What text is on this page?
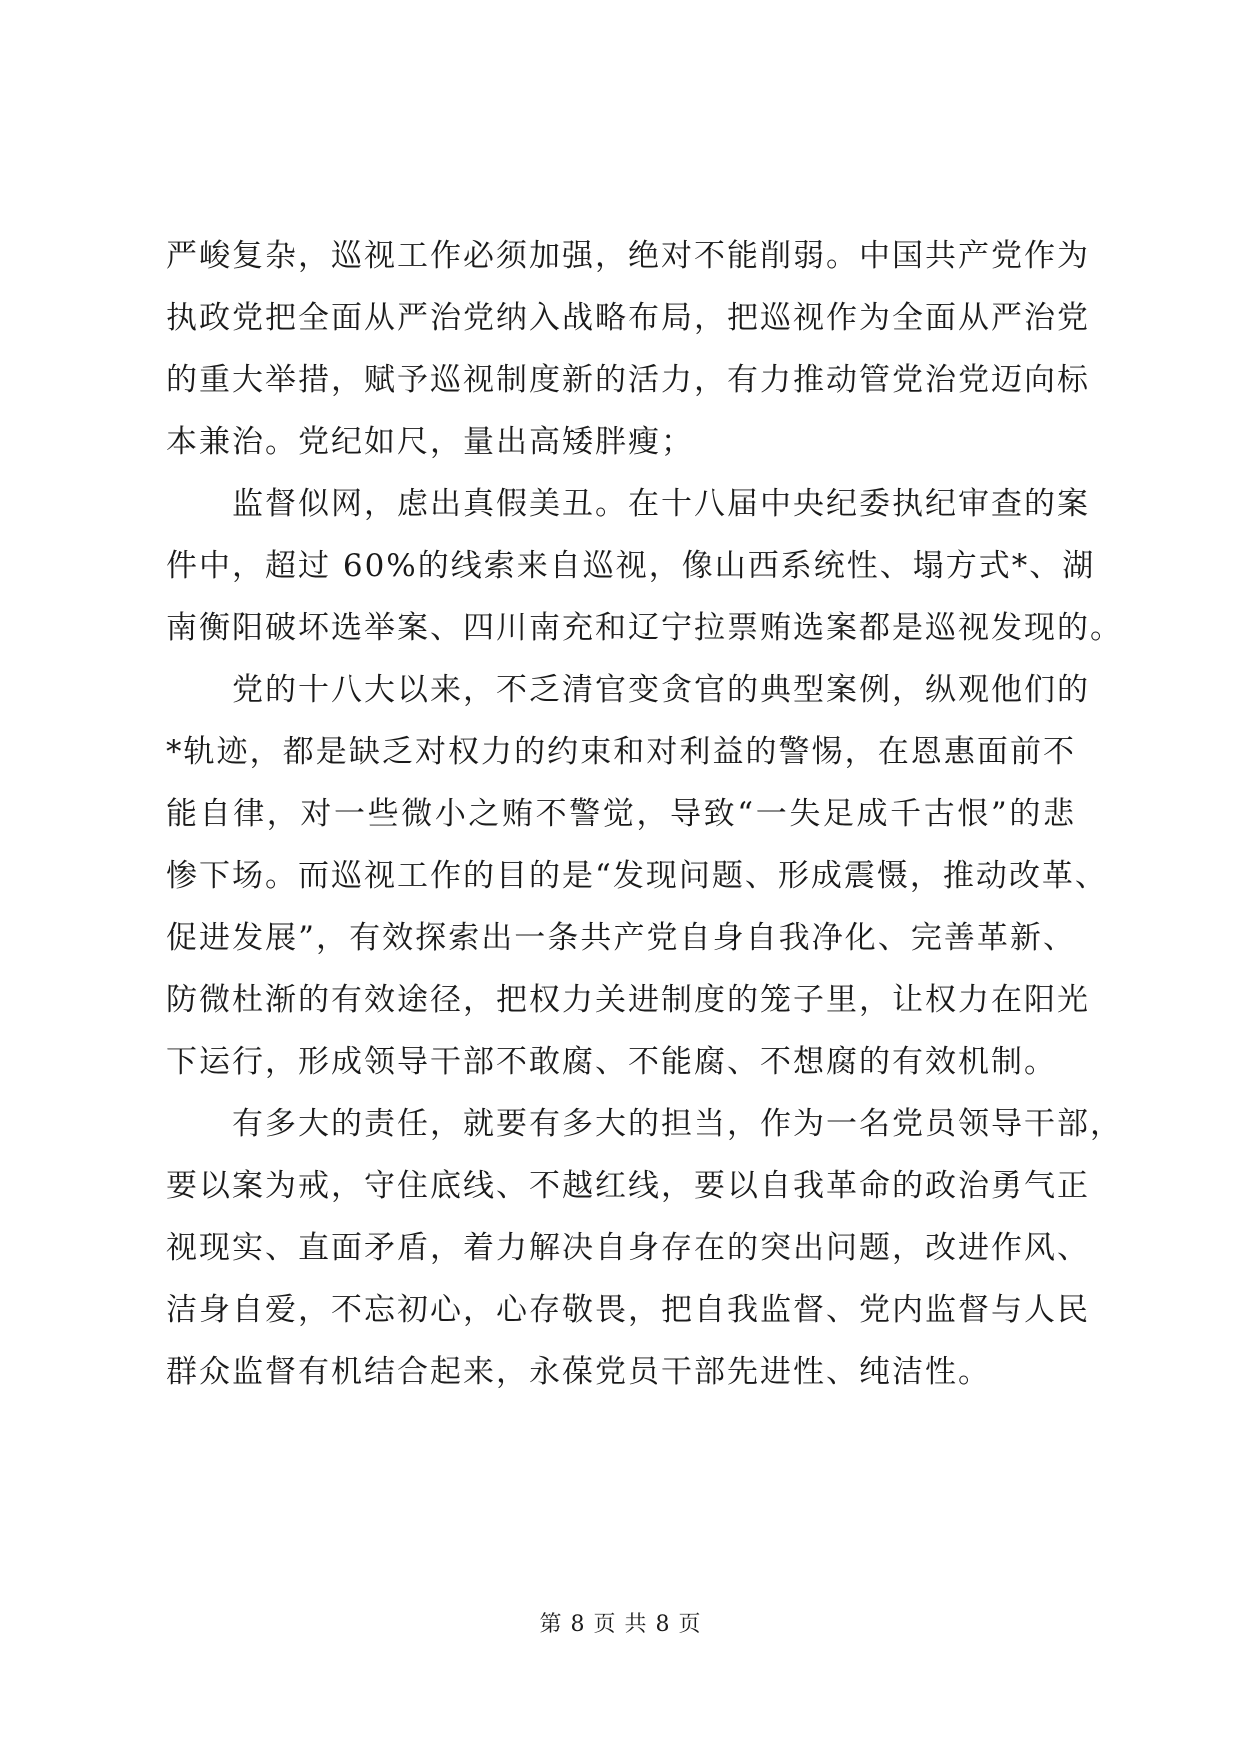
严峻复杂，巡视工作必须加强，绝对不能削弱。中国共产党作为
执政党把全面从严治党纳入战略布局，把巡视作为全面从严治党
的重大举措，赋予巡视制度新的活力，有力推动管党治党迈向标
本兼治。党纪如尺，量出高矮胖瘦；
　　监督似网，虑出真假美丑。在十八届中央纪委执纪审查的案
件中，超过 60%的线索来自巡视，像山西系统性、塌方式*、湖
南衡阳破坏选举案、四川南充和辽宁拉票贿选案都是巡视发现的。
　　党的十八大以来，不乏清官变贪官的典型案例，纵观他们的
*轨迹，都是缺乏对权力的约束和对利益的警惕，在恩惠面前不
能自律，对一些微小之贿不警觉，导致“一失足成千古恨”的悲
惨下场。而巡视工作的目的是“发现问题、形成震慑，推动改革、
促进发展”，有效探索出一条共产党自身自我净化、完善革新、
防微杜渐的有效途径，把权力关进制度的笼子里，让权力在阳光
下运行，形成领导干部不敢腐、不能腐、不想腐的有效机制。
　　有多大的责任，就要有多大的担当，作为一名党员领导干部，
要以案为戒，守住底线、不越红线，要以自我革命的政治勇气正
视现实、直面矛盾，着力解决自身存在的突出问题，改进作风、
洁身自爱，不忘初心，心存敬畏，把自我监督、党内监督与人民
群众监督有机结合起来，永葆党员干部先进性、纯洁性。
第 8 页 共 8 页
